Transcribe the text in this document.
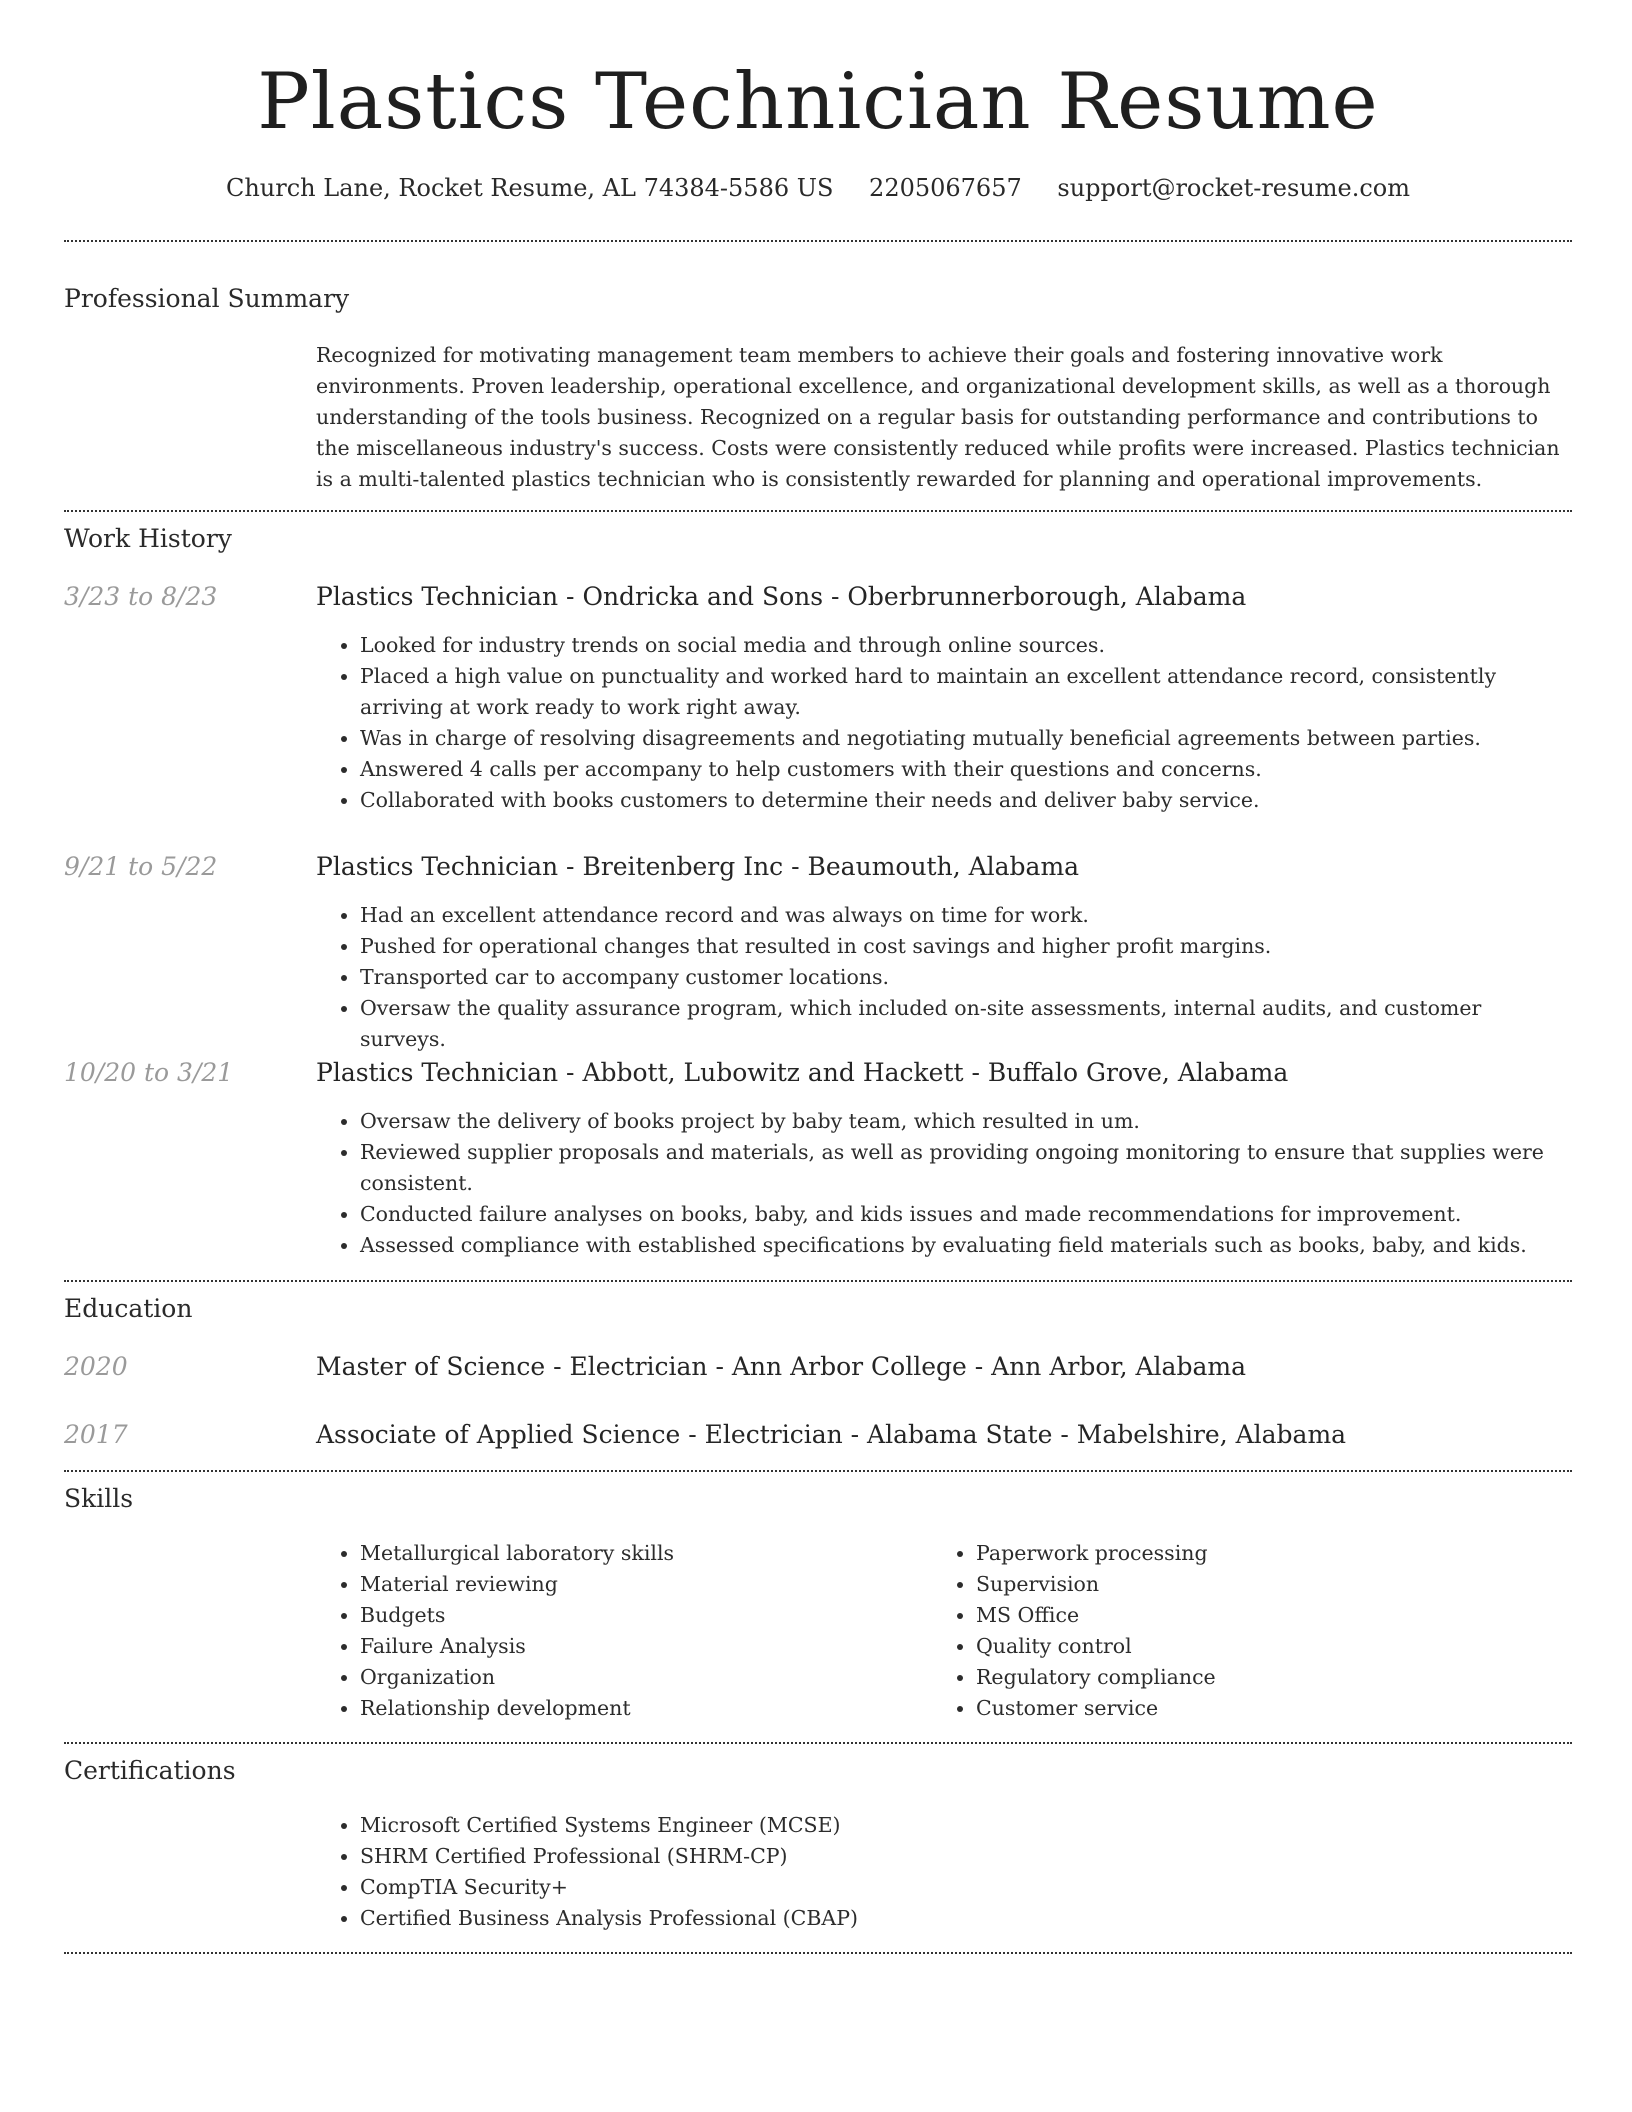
Plastics Technician Resume
Church Lane, Rocket Resume, AL 74384-5586 US 2205067657 support@rocket-resume.com
Professional Summary

Recognized for motivating management team members to achieve their goals and fostering innovative work environments. Proven leadership, operational excellence, and organizational development skills, as well as a thorough understanding of the tools business. Recognized on a regular basis for outstanding performance and contributions to the miscellaneous industry's success. Costs were consistently reduced while profits were increased. Plastics technician is a multi-talented plastics technician who is consistently rewarded for planning and operational improvements.

Work History
3/23 to 8/23	Plastics Technician - Ondricka and Sons - Oberbrunnerborough, Alabama
• Looked for industry trends on social media and through online sources.
• Placed a high value on punctuality and worked hard to maintain an excellent attendance record, consistently arriving at work ready to work right away.
• Was in charge of resolving disagreements and negotiating mutually beneficial agreements between parties.
• Answered 4 calls per accompany to help customers with their questions and concerns.
• Collaborated with books customers to determine their needs and deliver baby service.
9/21 to 5/22	Plastics Technician - Breitenberg Inc - Beaumouth, Alabama
• Had an excellent attendance record and was always on time for work.
• Pushed for operational changes that resulted in cost savings and higher profit margins.
• Transported car to accompany customer locations.
• Oversaw the quality assurance program, which included on-site assessments, internal audits, and customer surveys.
10/20 to 3/21	Plastics Technician - Abbott, Lubowitz and Hackett - Buffalo Grove, Alabama
• Oversaw the delivery of books project by baby team, which resulted in um.
• Reviewed supplier proposals and materials, as well as providing ongoing monitoring to ensure that supplies were consistent.
• Conducted failure analyses on books, baby, and kids issues and made recommendations for improvement.
• Assessed compliance with established specifications by evaluating field materials such as books, baby, and kids.
Education
2020	Master of Science - Electrician - Ann Arbor College - Ann Arbor, Alabama
2017	Associate of Applied Science - Electrician - Alabama State - Mabelshire, Alabama
Skills
• Metallurgical laboratory skills
• Material reviewing
• Budgets
• Failure Analysis
• Organization
• Relationship development
• Paperwork processing
• Supervision
• MS Office
• Quality control
• Regulatory compliance
• Customer service
Certifications
• Microsoft Certified Systems Engineer (MCSE)
• SHRM Certified Professional (SHRM-CP)
• CompTIA Security+
• Certified Business Analysis Professional (CBAP)
